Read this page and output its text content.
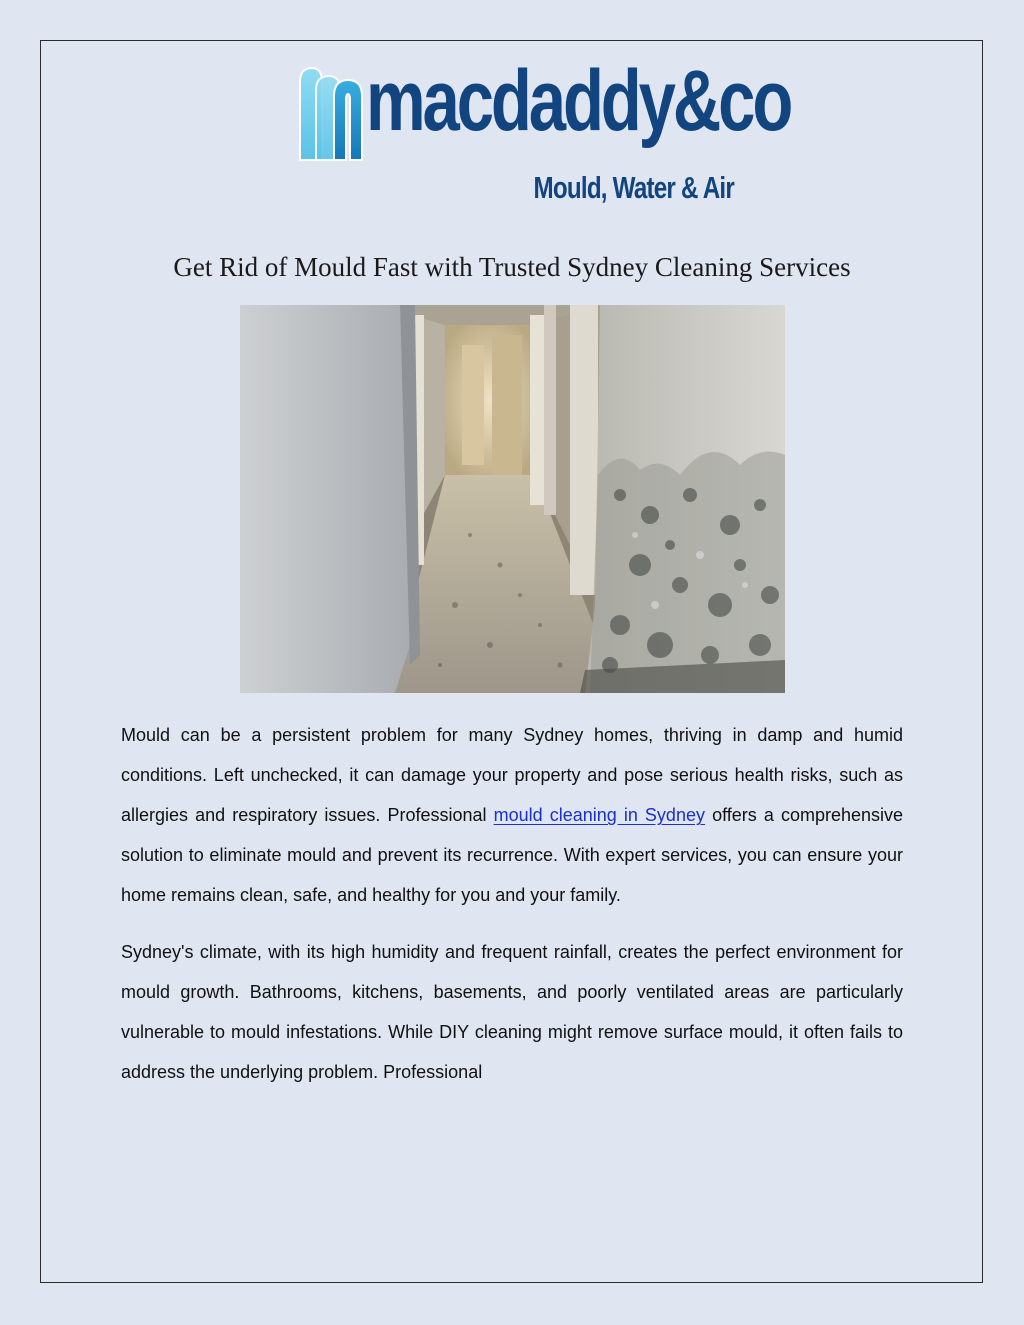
macdaddy&co
Mould, Water & Air
Get Rid of Mould Fast with Trusted Sydney Cleaning Services

Mould can be a persistent problem for many Sydney homes, thriving in damp and humid conditions. Left unchecked, it can damage your property and pose serious health risks, such as allergies and respiratory issues. Professional mould cleaning in Sydney offers a comprehensive solution to eliminate mould and prevent its recurrence. With expert services, you can ensure your home remains clean, safe, and healthy for you and your family.

Sydney's climate, with its high humidity and frequent rainfall, creates the perfect environment for mould growth. Bathrooms, kitchens, basements, and poorly ventilated areas are particularly vulnerable to mould infestations. While DIY cleaning might remove surface mould, it often fails to address the underlying problem. Professional
